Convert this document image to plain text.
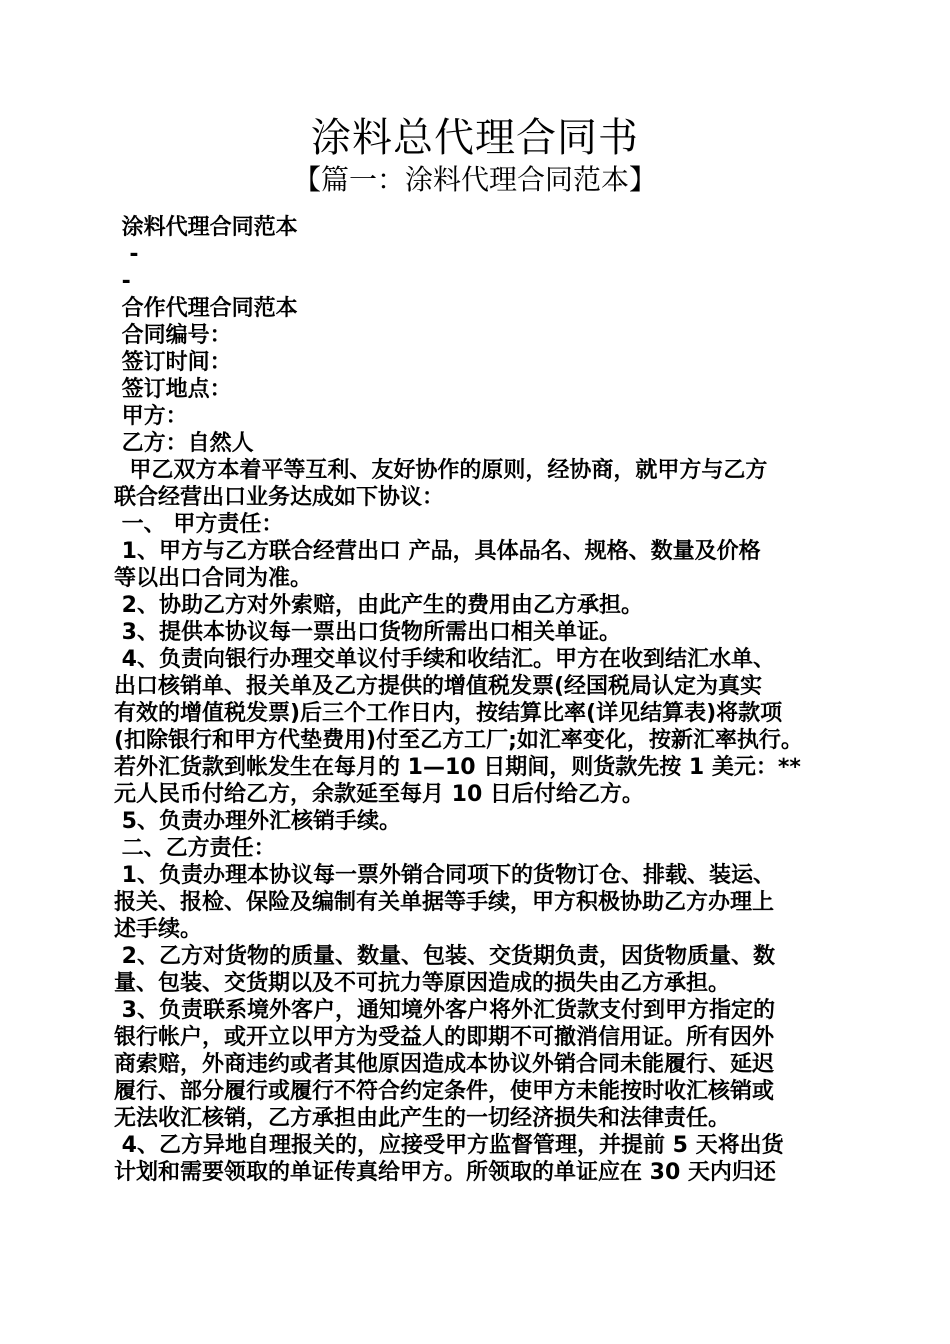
涂料总代理合同书
【篇一：涂料代理合同范本】
涂料代理合同范本
-
-
合作代理合同范本
合同编号：
签订时间：
签订地点：
甲方：
乙方：自然人
甲乙双方本着平等互利、友好协作的原则，经协商，就甲方与乙方
联合经营出口业务达成如下协议：
一、 甲方责任：
1、甲方与乙方联合经营出口 产品，具体品名、规格、数量及价格
等以出口合同为准。
2、协助乙方对外索赔，由此产生的费用由乙方承担。
3、提供本协议每一票出口货物所需出口相关单证。
4、负责向银行办理交单议付手续和收结汇。甲方在收到结汇水单、
出口核销单、报关单及乙方提供的增值税发票(经国税局认定为真实
有效的增值税发票)后三个工作日内，按结算比率(详见结算表)将款项
(扣除银行和甲方代垫费用)付至乙方工厂;如汇率变化，按新汇率执行。
若外汇货款到帐发生在每月的 1—10 日期间，则货款先按 1 美元：**
元人民币付给乙方，余款延至每月 10 日后付给乙方。
5、负责办理外汇核销手续。
二、乙方责任：
1、负责办理本协议每一票外销合同项下的货物订仓、排载、装运、
报关、报检、保险及编制有关单据等手续，甲方积极协助乙方办理上
述手续。
2、乙方对货物的质量、数量、包装、交货期负责，因货物质量、数
量、包装、交货期以及不可抗力等原因造成的损失由乙方承担。
3、负责联系境外客户，通知境外客户将外汇货款支付到甲方指定的
银行帐户，或开立以甲方为受益人的即期不可撤消信用证。所有因外
商索赔，外商违约或者其他原因造成本协议外销合同未能履行、延迟
履行、部分履行或履行不符合约定条件，使甲方未能按时收汇核销或
无法收汇核销，乙方承担由此产生的一切经济损失和法律责任。
4、乙方异地自理报关的，应接受甲方监督管理，并提前 5 天将出货
计划和需要领取的单证传真给甲方。所领取的单证应在 30 天内归还
